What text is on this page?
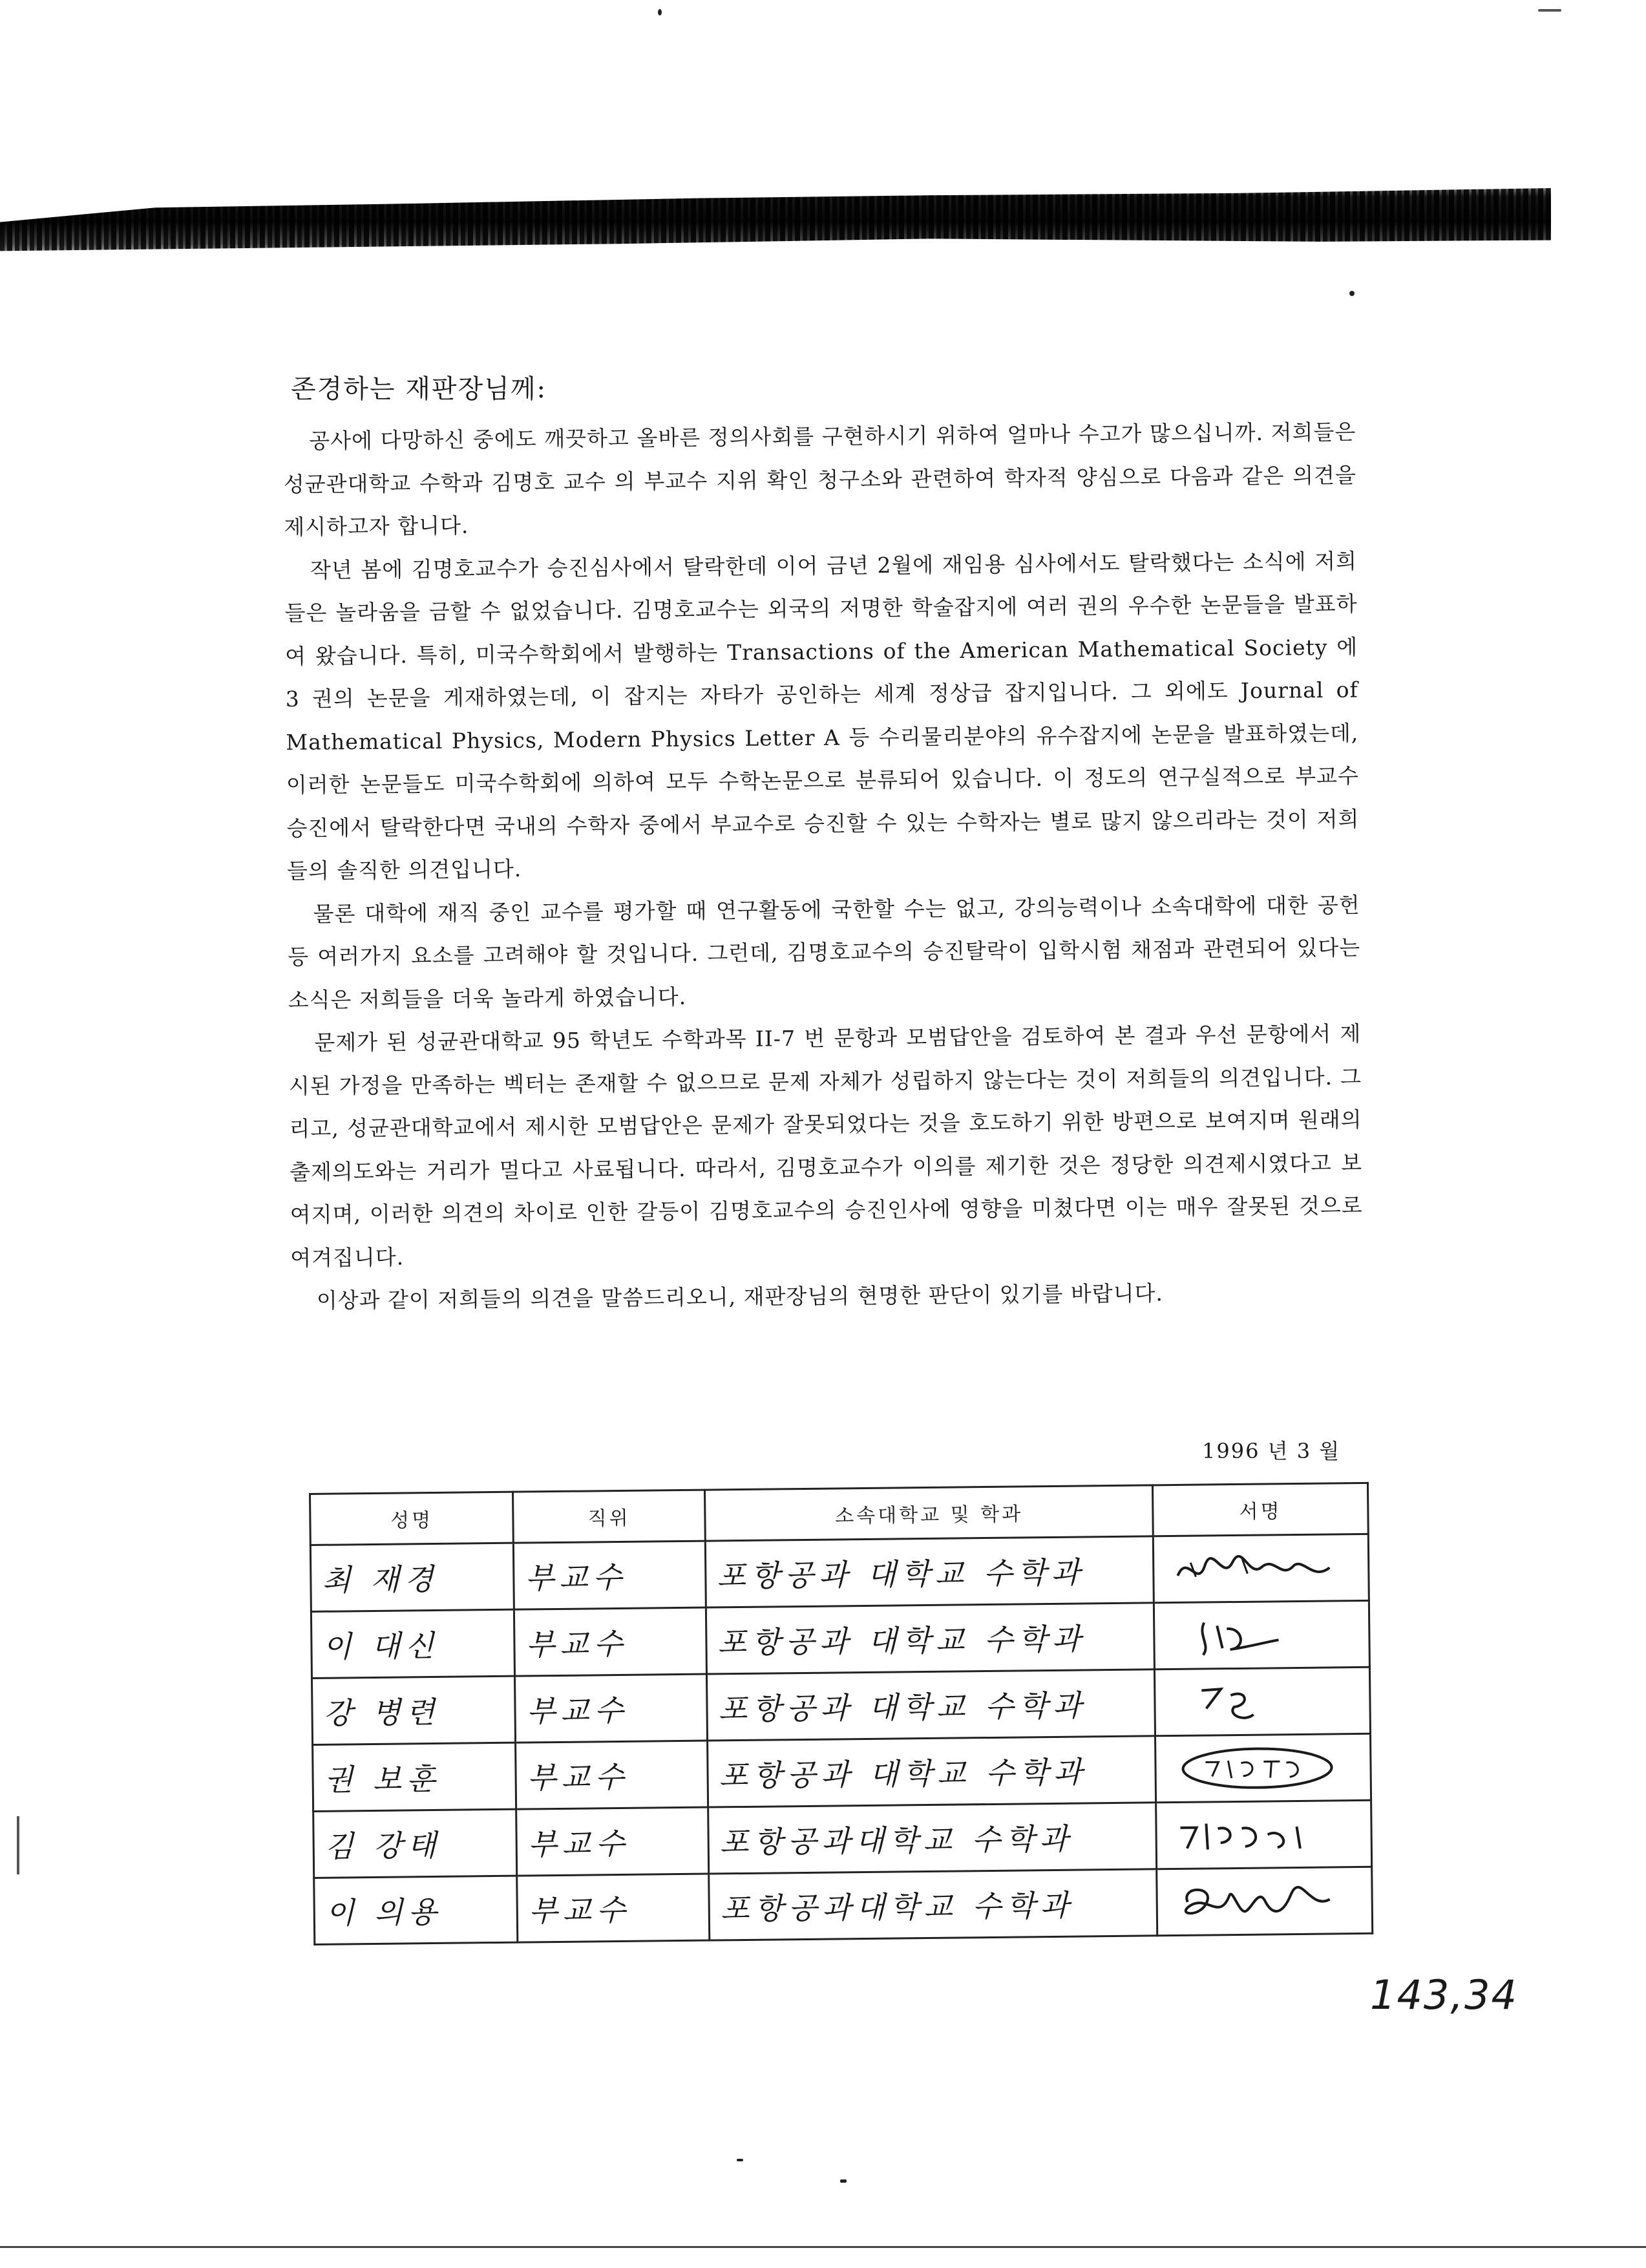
존경하는 재판장님께:

공사에 다망하신 중에도 깨끗하고 올바른 정의사회를 구현하시기 위하여 얼마나 수고가 많으십니까. 저희들은 성균관대학교 수학과 김명호 교수 의 부교수 지위 확인 청구소와 관련하여 학자적 양심으로 다음과 같은 의견을 제시하고자 합니다.

작년 봄에 김명호교수가 승진심사에서 탈락한데 이어 금년 2월에 재임용 심사에서도 탈락했다는 소식에 저희들은 놀라움을 금할 수 없었습니다. 김명호교수는 외국의 저명한 학술잡지에 여러 권의 우수한 논문들을 발표하여 왔습니다. 특히, 미국수학회에서 발행하는 Transactions of the American Mathematical Society 에 3 권의 논문을 게재하였는데, 이 잡지는 자타가 공인하는 세계 정상급 잡지입니다. 그 외에도 Journal of Mathematical Physics, Modern Physics Letter A 등 수리물리분야의 유수잡지에 논문을 발표하였는데, 이러한 논문들도 미국수학회에 의하여 모두 수학논문으로 분류되어 있습니다. 이 정도의 연구실적으로 부교수 승진에서 탈락한다면 국내의 수학자 중에서 부교수로 승진할 수 있는 수학자는 별로 많지 않으리라는 것이 저희들의 솔직한 의견입니다.

물론 대학에 재직 중인 교수를 평가할 때 연구활동에 국한할 수는 없고, 강의능력이나 소속대학에 대한 공헌 등 여러가지 요소를 고려해야 할 것입니다. 그런데, 김명호교수의 승진탈락이 입학시험 채점과 관련되어 있다는 소식은 저희들을 더욱 놀라게 하였습니다.

문제가 된 성균관대학교 95 학년도 수학과목 II-7 번 문항과 모범답안을 검토하여 본 결과 우선 문항에서 제시된 가정을 만족하는 벡터는 존재할 수 없으므로 문제 자체가 성립하지 않는다는 것이 저희들의 의견입니다. 그리고, 성균관대학교에서 제시한 모범답안은 문제가 잘못되었다는 것을 호도하기 위한 방편으로 보여지며 원래의 출제의도와는 거리가 멀다고 사료됩니다. 따라서, 김명호교수가 이의를 제기한 것은 정당한 의견제시였다고 보여지며, 이러한 의견의 차이로 인한 갈등이 김명호교수의 승진인사에 영향을 미쳤다면 이는 매우 잘못된 것으로 여겨집니다.

이상과 같이 저희들의 의견을 말씀드리오니, 재판장님의 현명한 판단이 있기를 바랍니다.

1996 년 3 월
성명	직위	소속대학교 및 학과	서명
최 재경	부교수	포항공과 대학교 수학과	

이 대신	부교수	포항공과 대학교 수학과	

강 병련	부교수	포항공과 대학교 수학과	

권 보훈	부교수	포항공과 대학교 수학과	

김 강태	부교수	포항공과대학교 수학과	

이 의용	부교수	포항공과대학교 수학과	
143,34
